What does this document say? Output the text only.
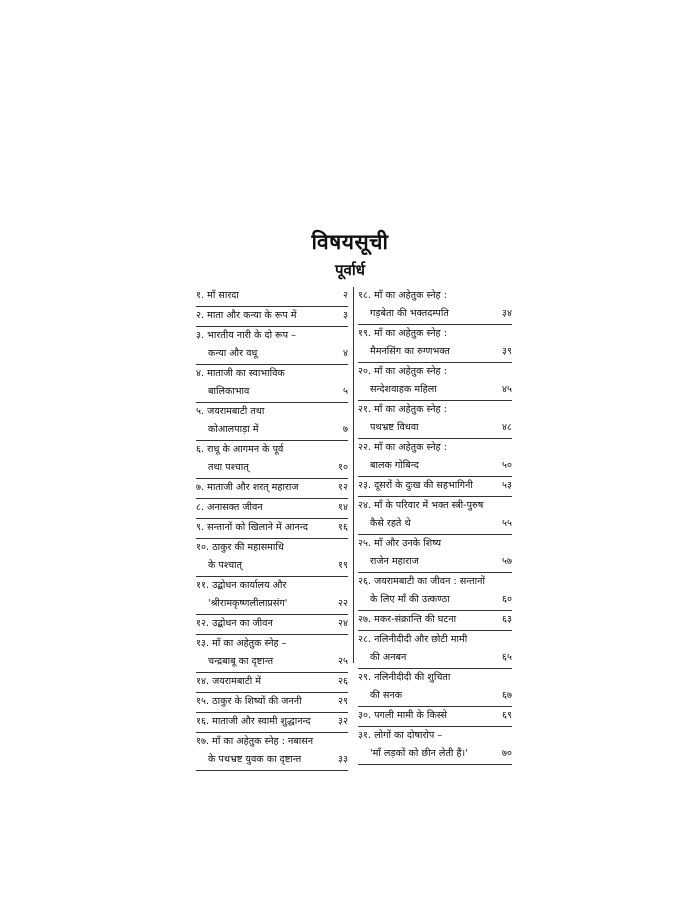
विषयसूची
पूर्वार्ध
१. माँ सारदा	२
२. माता और कन्या के रूप में	३
३. भारतीय नारी के दो रूप –
कन्या और वधू	४
४. माताजी का स्वाभाविक
बालिकाभाव	५
५. जयरामबाटी तथा
कोआलपाड़ा में	७
६. राधू के आगमन के पूर्व
तथा पश्चात्	१०
७. माताजी और शरत् महाराज	१२
८. अनासक्त जीवन	१४
९. सन्तानों को खिलाने में आनन्द	१६
१०. ठाकुर की महासमाधि
के पश्चात्	१९
११. उद्बोधन कार्यालय और
'श्रीरामकृष्णलीलाप्रसंग'	२२
१२. उद्बोधन का जीवन	२४
१३. माँ का अहेतुक स्नेह –
चन्द्रबाबू का दृष्टान्त	२५
१४. जयरामबाटी में	२६
१५. ठाकुर के शिष्यों की जननी	२९
१६. माताजी और स्वामी शुद्धानन्द	३२
१७. माँ का अहेतुक स्नेह : नबासन
के पथभ्रष्ट युवक का दृष्टान्त	३३
१८. माँ का अहेतुक स्नेह :
गड़बेता की भक्तदम्पति	३४
१९. माँ का अहेतुक स्नेह :
मैमनसिंग का रुग्णभक्त	३९
२०. माँ का अहेतुक स्नेह :
सन्देशवाहक महिला	४५
२१. माँ का अहेतुक स्नेह :
पथभ्रष्ट विधवा	४८
२२. माँ का अहेतुक स्नेह :
बालक गोबिन्द	५०
२३. दूसरों के दुःख की सहभागिनी	५३
२४. माँ के परिवार में भक्त स्त्री-पुरुष
कैसे रहते थे	५५
२५. माँ और उनके शिष्य
राजेन महाराज	५७
२६. जयरामबाटी का जीवन : सन्तानों
के लिए माँ की उत्कण्ठा	६०
२७. मकर-संक्रान्ति की घटना	६३
२८. नलिनीदीदी और छोटी मामी
की अनबन	६५
२९. नलिनीदीदी की शुचिता
की सनक	६७
३०. पगली मामी के किस्से	६९
३१. लोगों का दोषारोप –
'माँ लड़कों को छीन लेती हैं।'	७०
